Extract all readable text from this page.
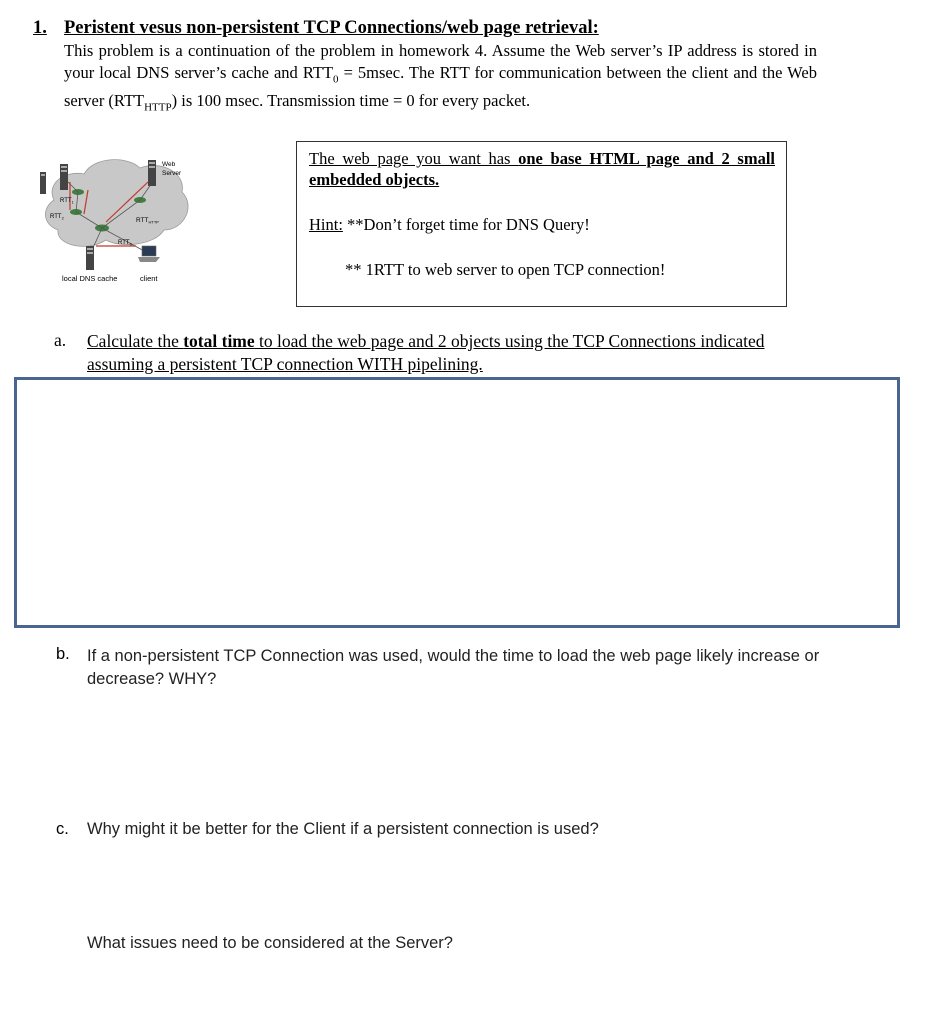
1. Peristent vesus non-persistent TCP Connections/web page retrieval:
This problem is a continuation of the problem in homework 4. Assume the Web server’s IP address is stored in your local DNS server’s cache and $RTT_0 = 5msec$. The RTT for communication between the client and the Web server $(RTT_{HTTP})$ is 100 msec. Transmission time = 0 for every packet.
Web
Server
$RTT_1$
$RTT_2$	$RTT_{HTTP}$
$RTT_0$
local DNS cache	client
The web page you want has one base HTML page and 2 small embedded objects.
Hint: **Don’t forget time for DNS Query!
** 1RTT to web server to open TCP connection!
a. Calculate the total time to load the web page and 2 objects using the TCP Connections indicated assuming a persistent TCP connection WITH pipelining.
b. If a non-persistent TCP Connection was used, would the time to load the web page likely increase or decrease? WHY?
c. Why might it be better for the Client if a persistent connection is used?
What issues need to be considered at the Server?
